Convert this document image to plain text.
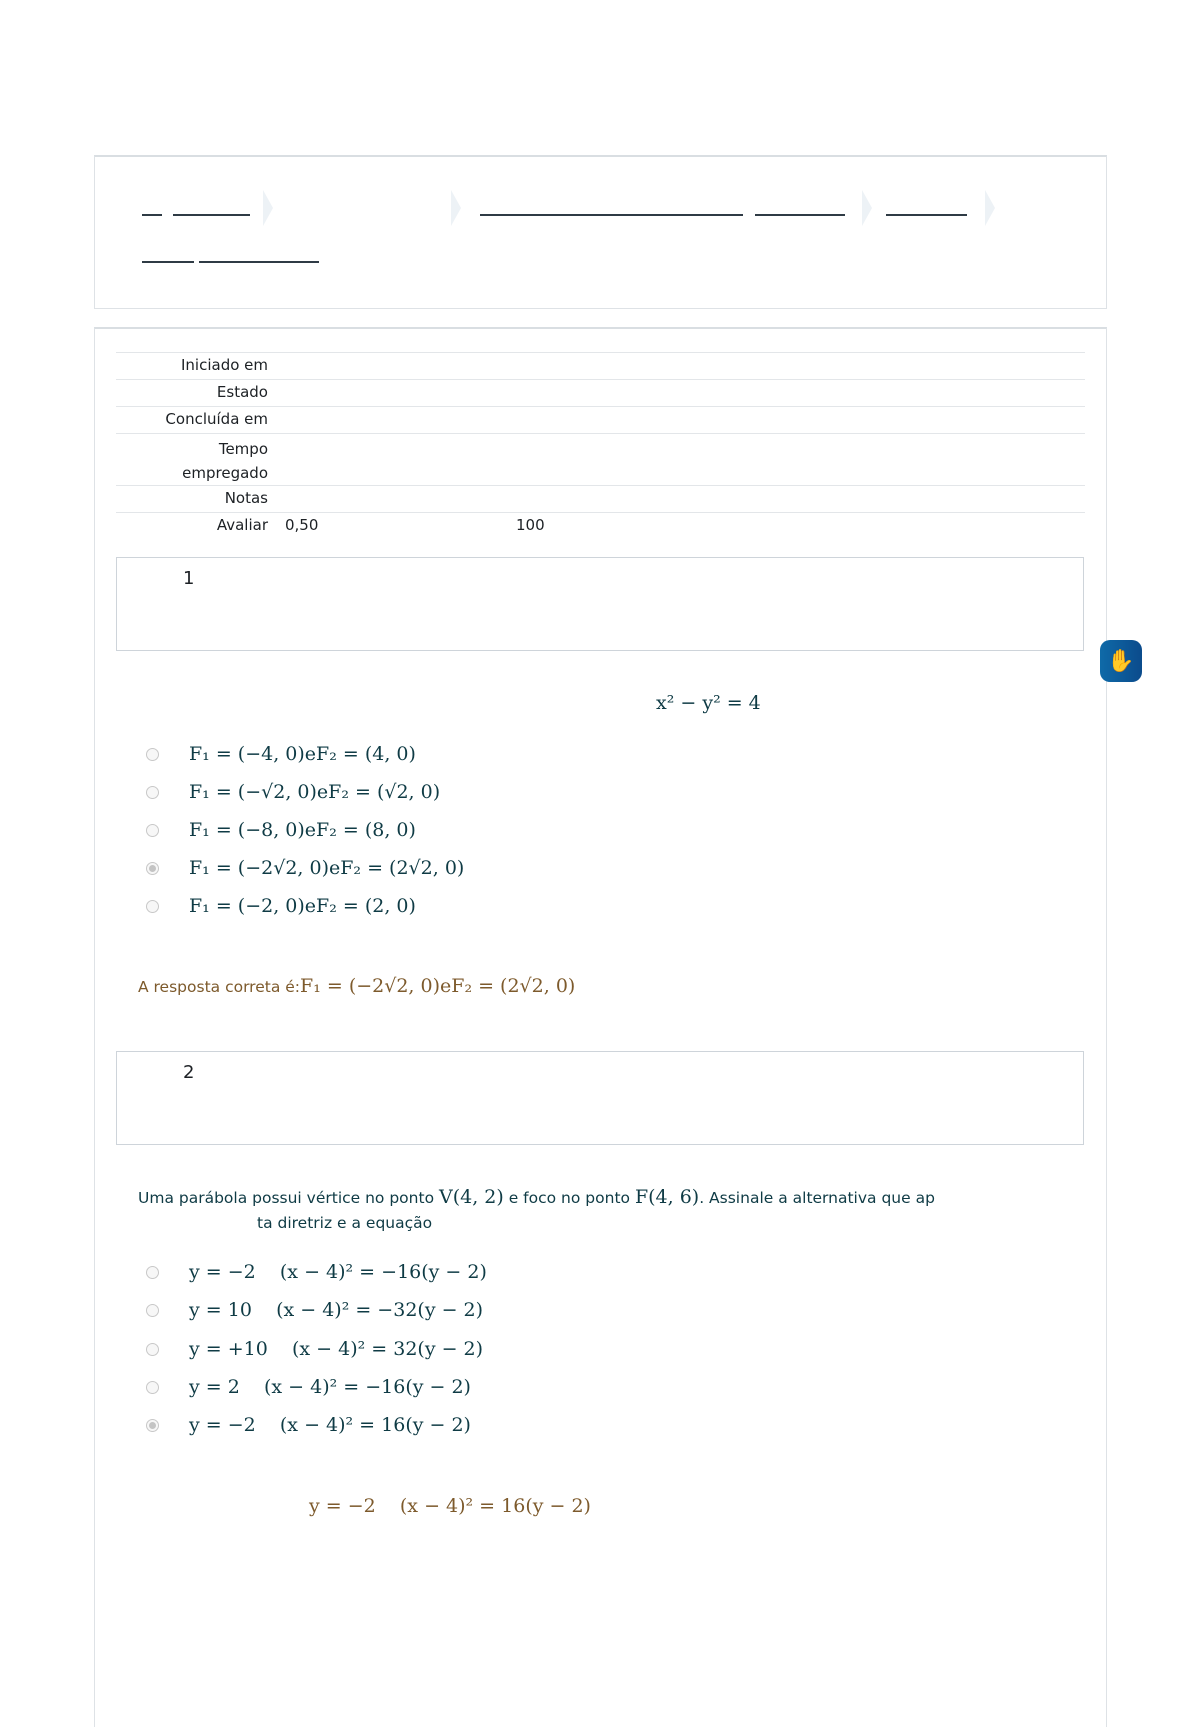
Iniciado em
Estado
Concluída em
Tempo empregado
Notas
Avaliar 0,50	100
1
x² − y² = 4
F₁ = (−4, 0)eF₂ = (4, 0)
F₁ = (−√2, 0)eF₂ = (√2, 0)
F₁ = (−8, 0)eF₂ = (8, 0)
F₁ = (−2√2, 0)eF₂ = (2√2, 0)
F₁ = (−2, 0)eF₂ = (2, 0)
A resposta correta é: F₁ = (−2√2, 0)eF₂ = (2√2, 0)
2
Uma parábola possui vértice no ponto V(4, 2) e foco no ponto F(4, 6). Assinale a alternativa que ap
ta diretriz e a equação
y = −2    (x − 4)² = −16(y − 2)
y = 10    (x − 4)² = −32(y − 2)
y = +10    (x − 4)² = 32(y − 2)
y = 2    (x − 4)² = −16(y − 2)
y = −2    (x − 4)² = 16(y − 2)
y = −2    (x − 4)² = 16(y − 2)
✋
